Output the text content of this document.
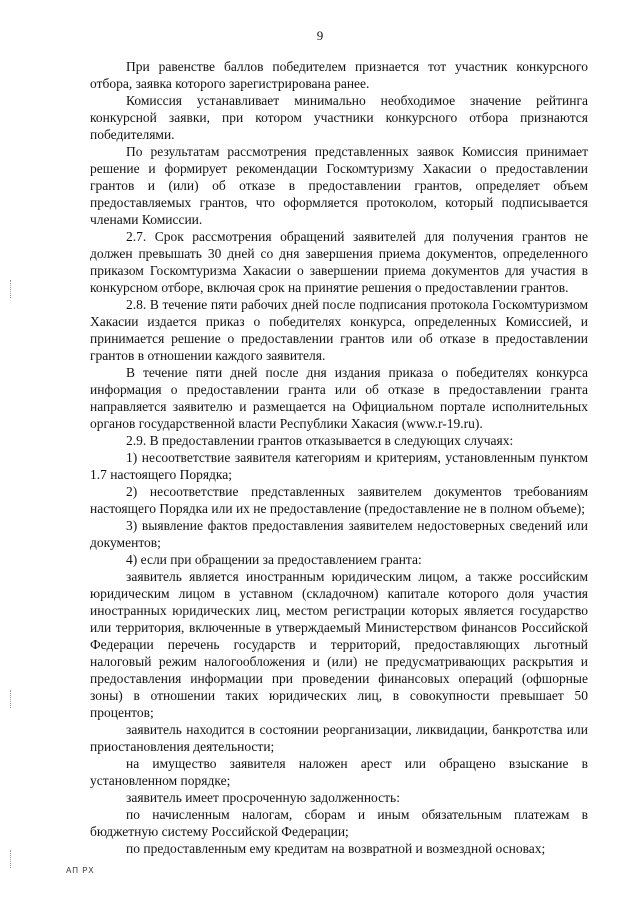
9

При равенстве баллов победителем признается тот участник конкурсного отбора, заявка которого зарегистрирована ранее.

Комиссия устанавливает минимально необходимое значение рейтинга конкурсной заявки, при котором участники конкурсного отбора признаются победителями.

По результатам рассмотрения представленных заявок Комиссия принимает решение и формирует рекомендации Госкомтуризму Хакасии о предоставлении грантов и (или) об отказе в предоставлении грантов, определяет объем предоставляемых грантов, что оформляется протоколом, который подписывается членами Комиссии.

2.7. Срок рассмотрения обращений заявителей для получения грантов не должен превышать 30 дней со дня завершения приема документов, определенного приказом Госкомтуризма Хакасии о завершении приема документов для участия в конкурсном отборе, включая срок на принятие решения о предоставлении грантов.

2.8. В течение пяти рабочих дней после подписания протокола Госкомтуризмом Хакасии издается приказ о победителях конкурса, определенных Комиссией, и принимается решение о предоставлении грантов или об отказе в предоставлении грантов в отношении каждого заявителя.

В течение пяти дней после дня издания приказа о победителях конкурса информация о предоставлении гранта или об отказе в предоставлении гранта направляется заявителю и размещается на Официальном портале исполнительных органов государственной власти Республики Хакасия (www.r-19.ru).

2.9. В предоставлении грантов отказывается в следующих случаях:

1) несоответствие заявителя категориям и критериям, установленным пунктом 1.7 настоящего Порядка;

2) несоответствие представленных заявителем документов требованиям настоящего Порядка или их не предоставление (предоставление не в полном объеме);

3) выявление фактов предоставления заявителем недостоверных сведений или документов;

4) если при обращении за предоставлением гранта:

заявитель является иностранным юридическим лицом, а также российским юридическим лицом в уставном (складочном) капитале которого доля участия иностранных юридических лиц, местом регистрации которых является государство или территория, включенные в утверждаемый Министерством финансов Российской Федерации перечень государств и территорий, предоставляющих льготный налоговый режим налогообложения и (или) не предусматривающих раскрытия и предоставления информации при проведении финансовых операций (офшорные зоны) в отношении таких юридических лиц, в совокупности превышает 50 процентов;

заявитель находится в состоянии реорганизации, ликвидации, банкротства или приостановления деятельности;

на имущество заявителя наложен арест или обращено взыскание в установленном порядке;

заявитель имеет просроченную задолженность:

по начисленным налогам, сборам и иным обязательным платежам в бюджетную систему Российской Федерации;

по предоставленным ему кредитам на возвратной и возмездной основах;

АП РХ
